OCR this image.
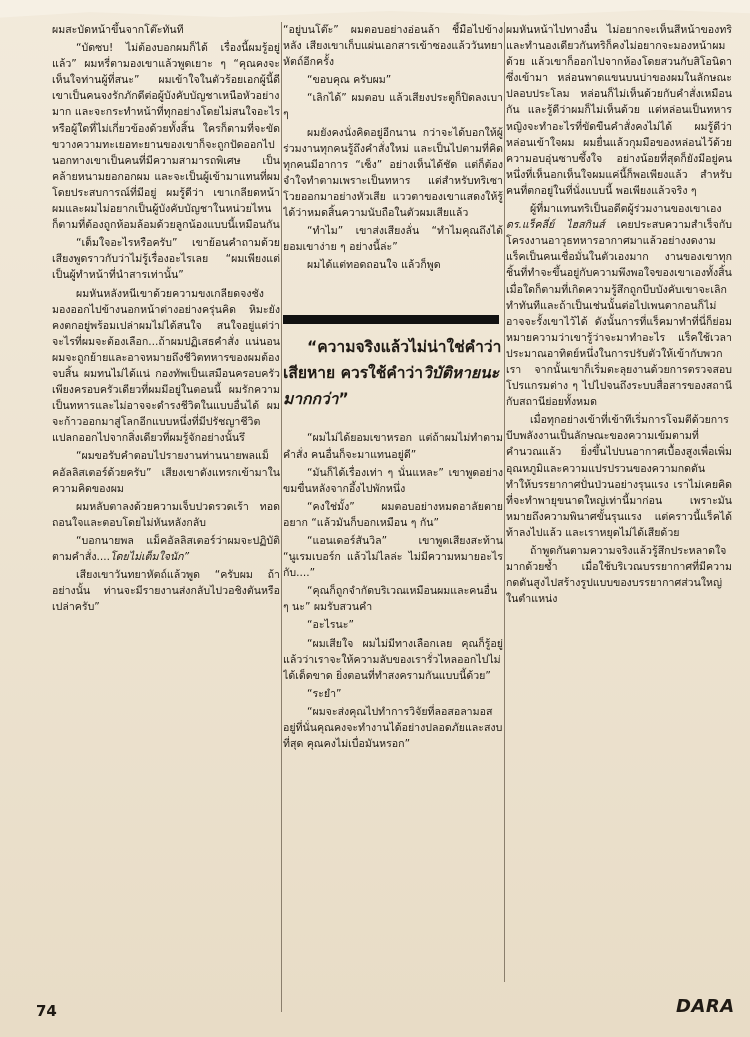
ผมสะบัดหน้าขึ้นจากโต๊ะทันที

“บัดซบ! ไม่ต้องบอกผมก็ได้ เรื่องนี้ผมรู้อยู่แล้ว” ผมหรี่ตามองเขาแล้วพูดเยาะ ๆ “คุณคงจะเห็นใจท่านผู้ที่สนะ” ผมเข้าใจในตัวร้อยเอกผู้นี้ดี เขาเป็นคนจงรักภักดีต่อผู้บังคับบัญชาเหนือหัวอย่างมาก และจะกระทำหน้าที่ทุกอย่างโดยไม่สนใจอะไรหรือผู้ใดที่ไม่เกี่ยวข้องด้วยทั้งสิ้น ใครก็ตามที่จะขัดขวางความทะเยอทะยานของเขาก็จะถูกปัดออกไปนอกทางเขาเป็นคนที่มีความสามารถพิเศษ เป็นคล้ายหนามยอกอกผม และจะเป็นผู้เข้ามาแทนที่ผม โดยประสบการณ์ที่มีอยู่ ผมรู้ดีว่า เขาเกลียดหน้าผมและผมไม่อยากเป็นผู้บังคับบัญชาในหน่วยไหนก็ตามที่ต้องถูกห้อมล้อมด้วยลูกน้องแบบนี้เหมือนกัน

“เต็มใจอะไรหรือครับ” เขาย้อนคำถามด้วยเสียงพูดราวกับว่าไม่รู้เรื่องอะไรเลย “ผมเพียงแต่เป็นผู้ทำหน้าที่นำสารเท่านั้น”

ผมหันหลังหนีเขาด้วยความขงเกลียดจงชัง มองออกไปข้างนอกหน้าต่างอย่างครุ่นคิด หิมะยังคงตกอยู่พร้อมเปล่าผมไม่ได้สนใจ สนใจอยู่แต่ว่าจะไรที่ผมจะต้องเลือก...ถ้าผมปฏิเสธคำสั่ง แน่นอน ผมจะถูกย้ายและอาจหมายถึงชีวิตทหารของผมต้องจบสิ้น ผมทนไม่ได้แน่ กองทัพเป็นเสมือนครอบครัวเพียงครอบครัวเดียวที่ผมมีอยู่ในตอนนี้ ผมรักความเป็นทหารและไม่อาจจะดำรงชีวิตในแบบอื่นได้ ผมจะก้าวออกมาสู่โลกอีกแบบหนึ่งที่มีปรัชญาชีวิตแปลกออกไปจากสิ่งเดียวที่ผมรู้จักอย่างนั้นรึ

“ผมขอรับคำตอบไปรายงานท่านนายพลแม็คอัลลิสเตอร์ด้วยครับ” เสียงเขาดังแทรกเข้ามาในความคิดของผม

ผมหลับตาลงด้วยความเจ็บปวดรวดเร้า ทอดถอนใจและตอบโดยไม่หันหลังกลับ

“บอกนายพล แม็คอัลลิสเตอร์ว่าผมจะปฏิบัติตามคำสั่ง....โดยไม่เต็มใจนัก”

เสียงเขาวันทยาหัตถ์แล้วพูด “ครับผม ถ้าอย่างนั้น ท่านจะมีรายงานส่งกลับไปวอชิงตันหรือเปล่าครับ”

“อยู่บนโต๊ะ” ผมตอบอย่างอ่อนล้า ชี้มือไปข้างหลัง เสียงเขาเก็บแผ่นเอกสารเข้าซองแล้ววันทยาหัตถ์อีกครั้ง

“ขอบคุณ ครับผม”

“เลิกได้” ผมตอบ แล้วเสียงประตูก็ปิดลงเบา ๆ

ผมยังคงนั่งคิดอยู่อีกนาน กว่าจะได้บอกให้ผู้ร่วมงานทุกคนรู้ถึงคำสั่งใหม่ และเป็นไปตามที่คิด ทุกคนมีอาการ “เซ็ง” อย่างเห็นได้ชัด แต่ก็ต้องจำใจทำตามเพราะเป็นทหาร แต่สำหรับทริเซาโวยออกมาอย่างหัวเสีย แววตาของเขาแสดงให้รู้ได้ว่าหมดสิ้นความนับถือในตัวผมเสียแล้ว

“ทำไม” เขาส่งเสียงลั่น “ทำไมคุณถึงได้ยอมเขาง่าย ๆ อย่างนี้ล่ะ”

ผมได้แต่ทอดถอนใจ แล้วก็พูด

“ความจริงแล้วไม่น่าใช่คำว่าเสียหาย ควรใช้คำว่าวิบัติหายนะมากกว่า”

“ผมไม่ได้ยอมเขาหรอก แต่ถ้าผมไม่ทำตามคำสั่ง คนอื่นก็จะมาแทนอยู่ดี”

“มันก็ได้เรื่องเท่า ๆ นั่นแหละ” เขาพูดอย่างขมขื่นหลังจากอึ้งไปพักหนึ่ง

“คงใช่มั้ง” ผมตอบอย่างหมดอาลัยตายอยาก “แล้วมันก็บอกเหมือน ๆ กัน”

“แอนเดอร์สันวิล” เขาพูดเสียงสะท้าน “นูเรมเบอร์ก แล้วไม่ไลล่ะ ไม่มีความหมายอะไรกับ....”

“คุณก็ถูกจำกัดบริเวณเหมือนผมและคนอื่น ๆ นะ” ผมรับสวนคำ

“อะไรนะ”

“ผมเสียใจ ผมไม่มีทางเลือกเลย คุณก็รู้อยู่แล้วว่าเราจะให้ความลับของเรารั่วไหลออกไปไม่ได้เด็ดขาด ยิ่งตอนที่ทำสงครามกันแบบนี้ด้วย”

“ระยำ”

“ผมจะส่งคุณไปทำการวิจัยที่ลอสอลามอส อยู่ที่นั่นคุณคงจะทำงานได้อย่างปลอดภัยและสงบที่สุด คุณคงไม่เบื่อมันหรอก”

ผมหันหน้าไปทางอื่น ไม่อยากจะเห็นสีหน้าของทริ และทำนองเดียวกันทริก็คงไม่อยากจะมองหน้าผมด้วย แล้วเขาก็ออกไปจากห้องโดยสวนกับสิโอนิดาซึ่งเข้ามา หล่อนพาดแขนบนบ่าของผมในลักษณะปลอบประโลม หล่อนก็ไม่เห็นด้วยกับคำสั่งเหมือนกัน และรู้ดีว่าผมก็ไม่เห็นด้วย แต่หล่อนเป็นทหารหญิงจะทำอะไรที่ขัดขืนคำสั่งคงไม่ได้ ผมรู้ดีว่าหล่อนเข้าใจผม ผมยื่นแล้วกุมมือของหล่อนไว้ด้วยความอบอุ่นซาบซึ้งใจ อย่างน้อยที่สุดก็ยังมีอยู่คนหนึ่งที่เห็นอกเห็นใจผมแค่นี้ก็พอเพียงแล้ว สำหรับคนที่ตกอยู่ในที่นั่งแบบนี้ พอเพียงแล้วจริง ๆ

ผู้ที่มาแทนทริเป็นอดีตผู้ร่วมงานของเขาเอง ดร.แร็คลี่ย์ ไฮสกินส์ เคยประสบความสำเร็จกับโครงงานอาวุธทหารอากาศมาแล้วอย่างงดงาม แร็คเป็นคนเชื่อมั่นในตัวเองมาก งานของเขาทุกชิ้นที่ทำจะขึ้นอยู่กับความพึงพอใจของเขาเองทั้งสิ้น เมื่อใดก็ตามที่เกิดความรู้สึกถูกบีบบังคับเขาจะเลิกทำทันทีและถ้าเป็นเช่นนั้นต่อไปเพนตากอนก็ไม่อาจจะรั้งเขาไว้ได้ ดังนั้นการที่แร็คมาทำที่นี่ก็ย่อมหมายความว่าเขารู้ว่าจะมาทำอะไร แร็คใช้เวลาประมาณอาทิตย์หนึ่งในการปรับตัวให้เข้ากับพวกเรา จากนั้นเขาก็เริ่มตะลุยงานด้วยการตรวจสอบโปรแกรมต่าง ๆ ไปไปจนถึงระบบสื่อสารของสถานีกับสถานีย่อยทั้งหมด

เมื่อทุกอย่างเข้าที่เข้าทีเริ่มการโจมตีด้วยการบีบพลังงานเป็นลักษณะของความเข้มตามที่คำนวณแล้ว ยิ่งขึ้นไปบนอากาศเบื้องสูงเพื่อเพิ่มอุณหภูมิและความแปรปรวนของความกดดัน ทำให้บรรยากาศปั่นป่วนอย่างรุนแรง เราไม่เคยคิดที่จะทำพายุขนาดใหญ่เท่านี้มาก่อน เพราะมันหมายถึงความพินาศขั้นรุนแรง แต่คราวนี้แร็คได้ท้าลงไปแล้ว และเราหยุดไม่ได้เสียด้วย

ถ้าพูดกันตามความจริงแล้วรู้สึกประหลาดใจมากด้วยซ้ำ เมื่อใช้บริเวณบรรยากาศที่มีความกดดันสูงไปสร้างรูปแบบของบรรยากาศส่วนใหญ่ในตำแหน่ง

74	DARA
